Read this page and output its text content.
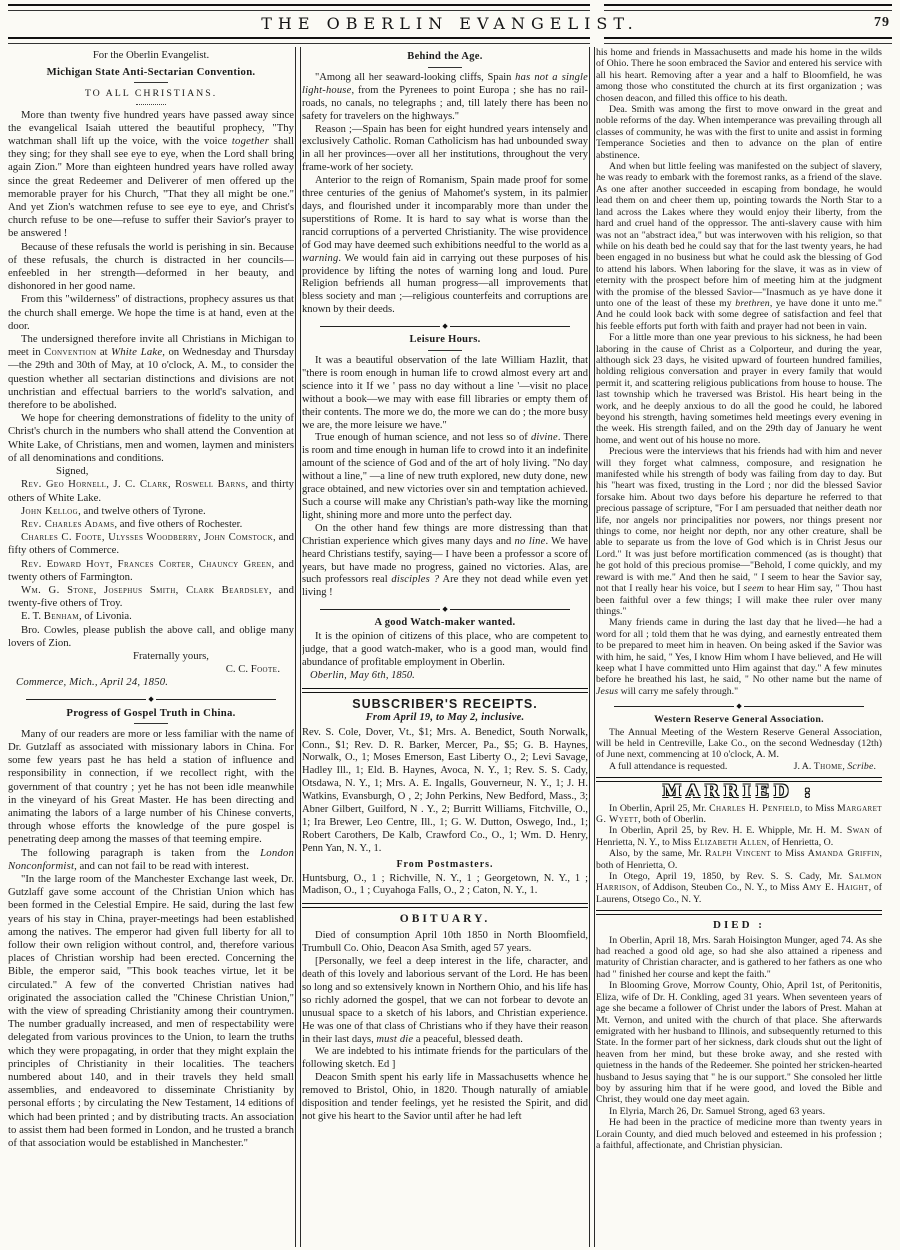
THE OBERLIN EVANGELIST.	79
For the Oberlin Evangelist.
Michigan State Anti-Sectarian Convention.
TO ALL CHRISTIANS.
More than twenty five hundred years have passed away since the evangelical Isaiah uttered the beautiful prophecy, "Thy watchman shall lift up the voice, with the voice together shall they sing; for they shall see eye to eye, when the Lord shall bring again Zion." More than eighteen hundred years have rolled away since the great Redeemer and Deliverer of men offered up the memorable prayer for his Church, "That they all might be one." And yet Zion's watchmen refuse to see eye to eye, and Christ's church refuse to be one—refuse to suffer their Savior's prayer to be answered !
Because of these refusals the world is perishing in sin. Because of these refusals, the church is distracted in her councils—enfeebled in her strength—deformed in her beauty, and dishonored in her good name.
From this "wilderness" of distractions, prophecy assures us that the church shall emerge. We hope the time is at hand, even at the door.
The undersigned therefore invite all Christians in Michigan to meet in Convention at White Lake, on Wednesday and Thursday—the 29th and 30th of May, at 10 o'clock, A. M., to consider the question whether all sectarian distinctions and divisions are not unchristian and effectual barriers to the world's salvation, and therefore to be abolished.
We hope for cheering demonstrations of fidelity to the unity of Christ's church in the numbers who shall attend the Convention at White Lake, of Christians, men and women, laymen and ministers of all denominations and conditions.
Signed,
Rev. Geo Hornell, J. C. Clark, Roswell Barns, and thirty others of White Lake.
John Kellog, and twelve others of Tyrone.
Rev. Charles Adams, and five others of Rochester.
Charles C. Foote, Ulysses Woodberry, John Comstock, and fifty others of Commerce.
Rev. Edward Hoyt, Frances Corter, Chauncy Green, and twenty others of Farmington.
Wm. G. Stone, Josephus Smith, Clark Beardsley, and twenty-five others of Troy.
E. T. Benham, of Livonia.
Bro. Cowles, please publish the above call, and oblige many lovers of Zion.
Fraternally yours,
C. C. Foote.
Commerce, Mich., April 24, 1850.
◆
Progress of Gospel Truth in China.
Many of our readers are more or less familiar with the name of Dr. Gutzlaff as associated with missionary labors in China. For some few years past he has held a station of influence and responsibility in connection, if we recollect right, with the government of that country ; yet he has not been idle meanwhile in the vineyard of his Great Master. He has been directing and animating the labors of a large number of his Chinese converts, through whose efforts the knowledge of the pure gospel is penetrating deep among the masses of that teeming empire.
The following paragraph is taken from the London Nonconformist, and can not fail to be read with interest.
"In the large room of the Manchester Exchange last week, Dr. Gutzlaff gave some account of the Christian Union which has been formed in the Celestial Empire. He said, during the last few years of his stay in China, prayer-meetings had been established among the natives. The emperor had given full liberty for all to follow their own religion without control, and, therefore various places of Christian worship had been erected. Concerning the Bible, the emperor said, "This book teaches virtue, let it be circulated." A few of the converted Christian natives had originated the association called the "Chinese Christian Union," with the view of spreading Christianity among their countrymen. The number gradually increased, and men of respectability were delegated from various provinces to the Union, to learn the truths which they were propagating, in order that they might explain the principles of Christianity in their localities. The teachers numbered about 140, and in their travels they held small assemblies, and endeavored to disseminate Christianity by personal efforts ; by circulating the New Testament, 14 editions of which had been printed ; and by distributing tracts. An association to assist them had been formed in London, and he trusted a branch of that association would be established in Manchester."
Behind the Age.
"Among all her seaward-looking cliffs, Spain has not a single light-house, from the Pyrenees to point Europa ; she has no rail-roads, no canals, no telegraphs ; and, till lately there has been no safety for travelers on the highways."
Reason ;—Spain has been for eight hundred years intensely and exclusively Catholic. Roman Catholicism has had unbounded sway in all her provinces—over all her institutions, throughout the very frame-work of her society.
Anterior to the reign of Romanism, Spain made proof for some three centuries of the genius of Mahomet's system, in its palmier days, and flourished under it incomparably more than under the superstitions of Rome. It is hard to say what is worse than the rancid corruptions of a perverted Christianity. The wise providence of God may have deemed such exhibitions needful to the world as a warning. We would fain aid in carrying out these purposes of his providence by lifting the notes of warning long and loud. Pure Religion befriends all human progress—all improvements that bless society and man ;—religious counterfeits and corruptions are known by their deeds.
◆
Leisure Hours.
It was a beautiful observation of the late William Hazlit, that "there is room enough in human life to crowd almost every art and science into it If we ' pass no day without a line '—visit no place without a book—we may with ease fill libraries or empty them of their contents. The more we do, the more we can do ; the more busy we are, the more leisure we have."
True enough of human science, and not less so of divine. There is room and time enough in human life to crowd into it an indefinite amount of the science of God and of the art of holy living. "No day without a line," —a line of new truth explored, new duty done, new grace obtained, and new victories over sin and temptation achieved. Such a course will make any Christian's path-way like the morning light, shining more and more unto the perfect day.
On the other hand few things are more distressing than that Christian experience which gives many days and no line. We have heard Christians testify, saying— I have been a professor a score of years, but have made no progress, gained no victories. Alas, are such professors real disciples ? Are they not dead while even yet living !
◆
A good Watch-maker wanted.
It is the opinion of citizens of this place, who are competent to judge, that a good watch-maker, who is a good man, would find abundance of profitable employment in Oberlin.
Oberlin, May 6th, 1850.
SUBSCRIBER'S RECEIPTS.
From April 19, to May 2, inclusive.
Rev. S. Cole, Dover, Vt., $1; Mrs. A. Benedict, South Norwalk, Conn., $1; Rev. D. R. Barker, Mercer, Pa., $5; G. B. Haynes, Norwalk, O., 1; Moses Emerson, East Liberty O., 2; Levi Savage, Hadley Ill., 1; Eld. B. Haynes, Avoca, N. Y., 1; Rev. S. S. Cady, Otsdawa, N. Y., 1; Mrs. A. E. Ingalls, Gouverneur, N. Y., 1; J. H. Watkins, Evansburgh, O , 2; John Perkins, New Bedford, Mass., 3; Abner Gilbert, Guilford, N . Y., 2; Burritt Williams, Fitchville, O., 1; Ira Brewer, Leo Centre, Ill., 1; G. W. Dutton, Oswego, Ind., 1; Robert Carothers, De Kalb, Crawford Co., O., 1; Wm. D. Henry, Penn Yan, N. Y., 1.
From Postmasters.
Huntsburg, O., 1 ; Richville, N. Y., 1 ; Georgetown, N. Y., 1 ; Madison, O., 1 ; Cuyahoga Falls, O., 2 ; Caton, N. Y., 1.
OBITUARY.
Died of consumption April 10th 1850 in North Bloomfield, Trumbull Co. Ohio, Deacon Asa Smith, aged 57 years.
[Personally, we feel a deep interest in the life, character, and death of this lovely and laborious servant of the Lord. He has been so long and so extensively known in Northern Ohio, and his life has so richly adorned the gospel, that we can not forbear to devote an unusual space to a sketch of his labors, and Christian experience. He was one of that class of Christians who if they have their reason in their last days, must die a peaceful, blessed death.
We are indebted to his intimate friends for the particulars of the following sketch. Ed ]
Deacon Smith spent his early life in Massachusetts whence he removed to Bristol, Ohio, in 1820. Though naturally of amiable disposition and tender feelings, yet he resisted the Spirit, and did not give his heart to the Savior until after he had left
his home and friends in Massachusetts and made his home in the wilds of Ohio. There he soon embraced the Savior and entered his service with all his heart. Removing after a year and a half to Bloomfield, he was among those who constituted the church at its first organization ; was chosen deacon, and filled this office to his death.
Dea. Smith was among the first to move onward in the great and noble reforms of the day. When intemperance was prevailing through all classes of community, he was with the first to unite and assist in forming Temperance Societies and then to advance on the plan of entire abstinence.
And when but little feeling was manifested on the subject of slavery, he was ready to embark with the foremost ranks, as a friend of the slave. As one after another succeeded in escaping from bondage, he would lead them on and cheer them up, pointing towards the North Star to a land across the Lakes where they would enjoy their liberty, from the hard and cruel hand of the oppressor. The anti-slavery cause with him was not an "abstract idea," but was interwoven with his religion, so that while on his death bed he could say that for the last twenty years, he had been engaged in no business but what he could ask the blessing of God to attend his labors. When laboring for the slave, it was as in view of eternity with the prospect before him of meeting him at the judgment with the promise of the blessed Savior—"Inasmuch as ye have done it unto one of the least of these my brethren, ye have done it unto me." And he could look back with some degree of satisfaction and feel that his feeble efforts put forth with faith and prayer had not been in vain.
For a little more than one year previous to his sickness, he had been laboring in the cause of Christ as a Colporteur, and during the year, although sick 23 days, he visited upward of fourteen hundred families, holding religious conversation and prayer in every family that would permit it, and scattering religious publications from house to house. The last township which he traversed was Bristol. His heart being in the work, and he deeply anxious to do all the good he could, he labored beyond his strength, having sometimes held meetings every evening in the week. His strength failed, and on the 29th day of January he went home, and went out of his house no more.
Precious were the interviews that his friends had with him and never will they forget what calmness, composure, and resignation he manifested while his strength of body was failing from day to day. But his "heart was fixed, trusting in the Lord ; nor did the blessed Savior forsake him. About two days before his departure he referred to that precious passage of scripture, "For I am persuaded that neither death nor life, nor angels nor principalities nor powers, nor things present nor things to come, nor height nor depth, nor any other creature, shall be able to separate us from the love of God which is in Christ Jesus our Lord." It was just before mortification commenced (as is thought) that he got hold of this precious promise—"Behold, I come quickly, and my reward is with me." And then he said, " I seem to hear the Savior say, not that I really hear his voice, but I seem to hear Him say, " Thou hast been faithful over a few things; I will make thee ruler over many things."
Many friends came in during the last day that he lived—he had a word for all ; told them that he was dying, and earnestly entreated them to be prepared to meet him in heaven. On being asked if the Savior was with him, he said, " Yes, I know Him whom I have believed, and He will keep what I have committed unto Him against that day." A few minutes before he breathed his last, he said, " No other name but the name of Jesus will carry me safely through."
◆
Western Reserve General Association.
The Annual Meeting of the Western Reserve General Association, will be held in Centreville, Lake Co., on the second Wednesday (12th) of June next, commencing at 10 o'clock, A. M.
A full attendance is requested.	J. A. Thome, Scribe.
MARRIED :
In Oberlin, April 25, Mr. Charles H. Penfield, to Miss Margaret G. Wyett, both of Oberlin.
In Oberlin, April 25, by Rev. H. E. Whipple, Mr. H. M. Swan of Henrietta, N. Y., to Miss Elizabeth Allen, of Henrietta, O.
Also, by the same, Mr. Ralph Vincent to Miss Amanda Griffin, both of Henrietta, O.
In Otego, April 19, 1850, by Rev. S. S. Cady, Mr. Salmon Harrison, of Addison, Steuben Co., N. Y., to Miss Amy E. Haight, of Laurens, Otsego Co., N. Y.
DIED :
In Oberlin, April 18, Mrs. Sarah Hoisington Munger, aged 74. As she had reached a good old age, so had she also attained a ripeness and maturity of Christian character, and is gathered to her fathers as one who had " finished her course and kept the faith."
In Blooming Grove, Morrow County, Ohio, April 1st, of Peritonitis, Eliza, wife of Dr. H. Conkling, aged 31 years. When seventeen years of age she became a follower of Christ under the labors of Prest. Mahan at Mt. Vernon, and united with the church of that place. She afterwards emigrated with her husband to Illinois, and subsequently returned to this State. In the former part of her sickness, dark clouds shut out the light of heaven from her mind, but these broke away, and she rested with quietness in the hands of the Redeemer. She pointed her stricken-hearted husband to Jesus saying that " he is our support." She consoled her little boy by assuring him that if he were good, and loved the Bible and Christ, they would one day meet again.
In Elyria, March 26, Dr. Samuel Strong, aged 63 years.
He had been in the practice of medicine more than twenty years in Lorain County, and died much beloved and esteemed in his profession ; a faithful, affectionate, and Christian physician.
